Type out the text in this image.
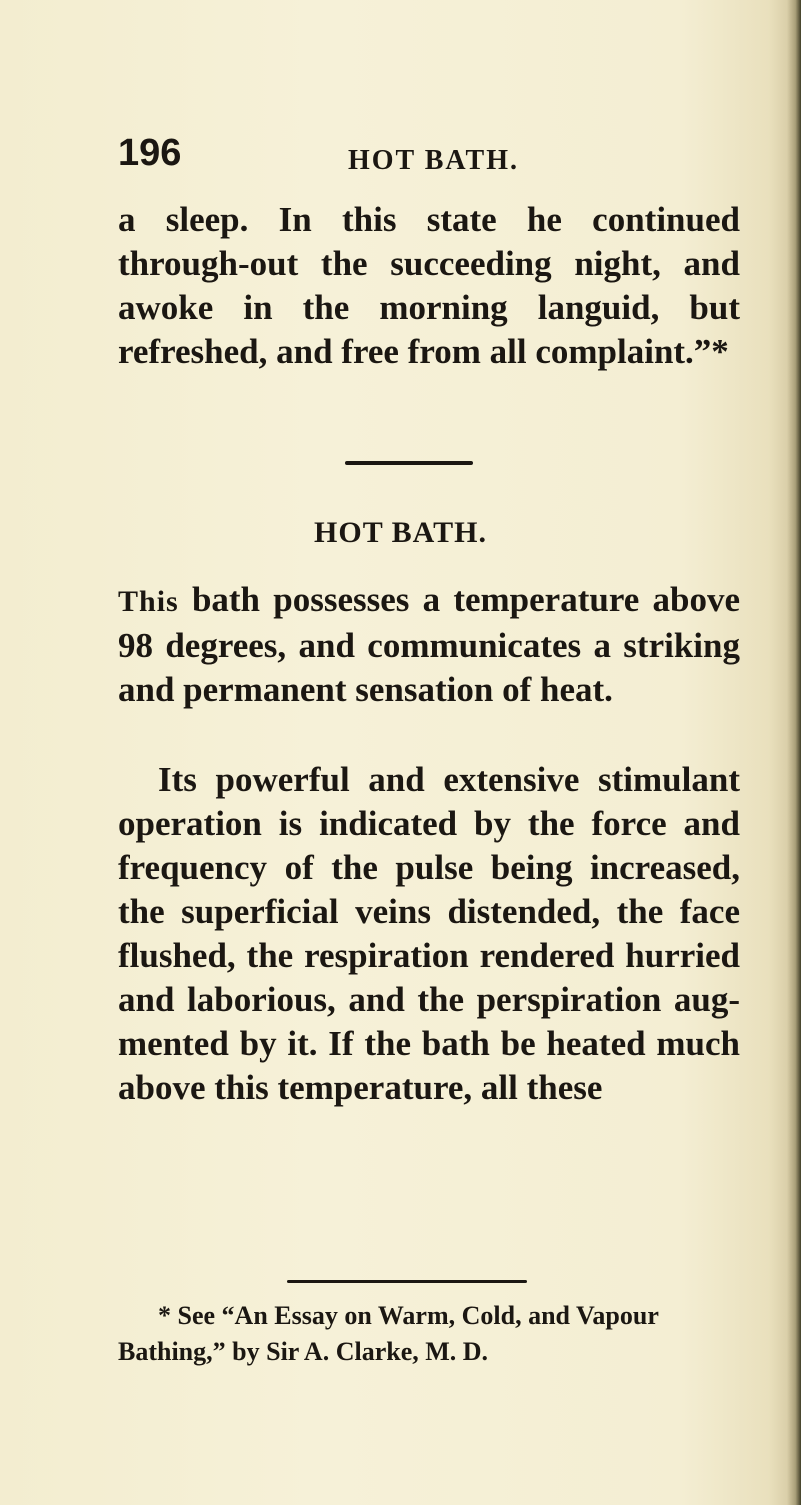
196	HOT BATH.

a sleep. In this state he continued through-out the succeeding night, and awoke in the morning languid, but refreshed, and free from all complaint.”*

HOT BATH.

This bath possesses a temperature above 98 degrees, and communicates a striking and permanent sensation of heat.

Its powerful and extensive stimulant operation is indicated by the force and frequency of the pulse being increased, the superficial veins distended, the face flushed, the respiration rendered hurried and laborious, and the perspiration aug-mented by it. If the bath be heated much above this temperature, all these

* See “An Essay on Warm, Cold, and Vapour Bathing,” by Sir A. Clarke, M. D.
